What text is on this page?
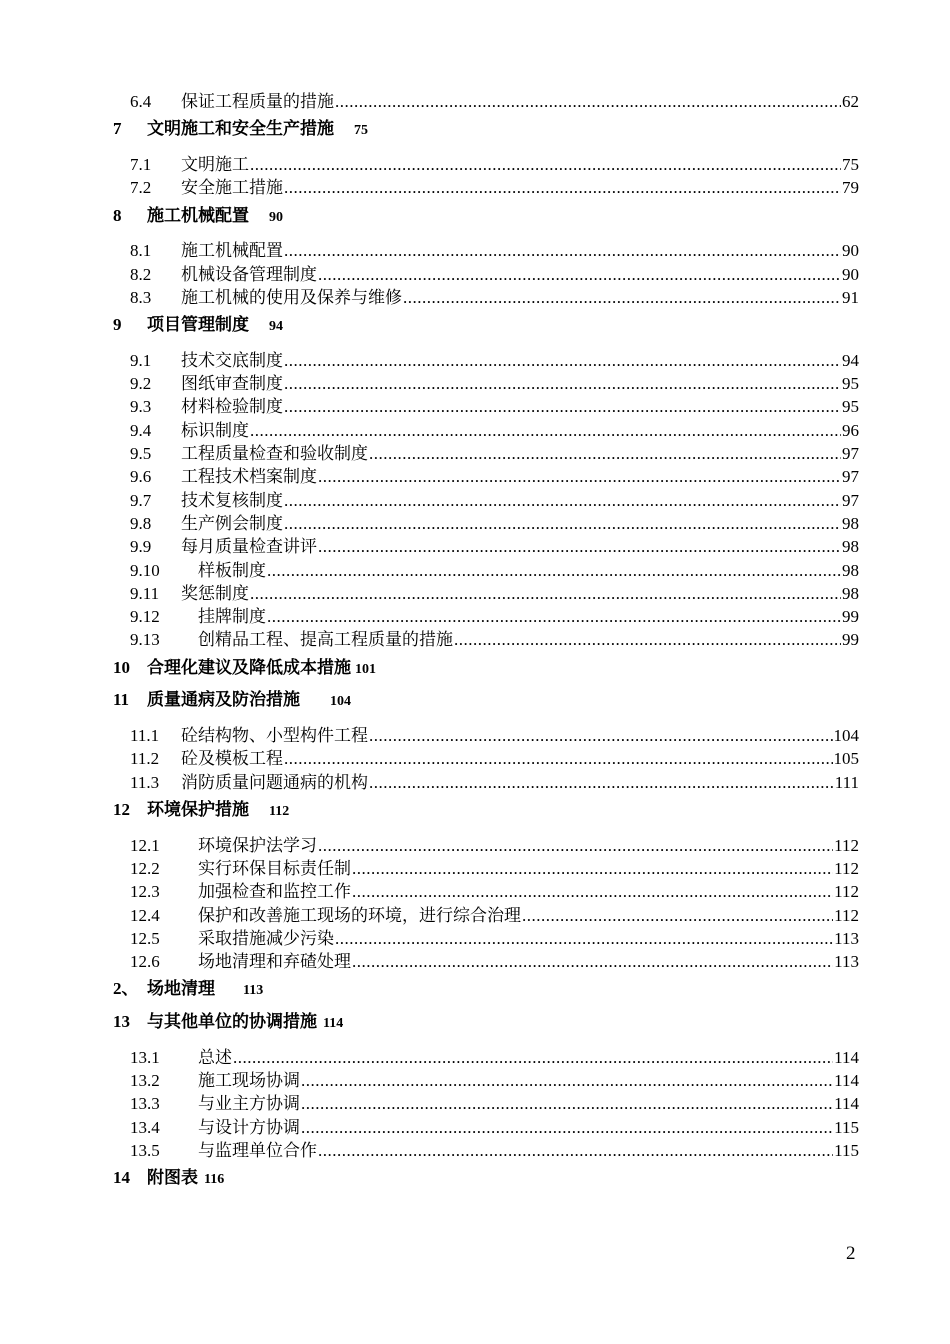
6.4	保证工程质量的措施 .....	62
7	文明施工和安全生产措施 75
7.1	文明施工 .....	75
7.2	安全施工措施 .....	79
8	施工机械配置 90
8.1	施工机械配置 .....	90
8.2	机械设备管理制度 .....	90
8.3	施工机械的使用及保养与维修 .....	91
9	项目管理制度 94
9.1	技术交底制度 .....	94
9.2	图纸审查制度 .....	95
9.3	材料检验制度 .....	95
9.4	标识制度 .....	96
9.5	工程质量检查和验收制度 .....	97
9.6	工程技术档案制度 .....	97
9.7	技术复核制度 .....	97
9.8	生产例会制度 .....	98
9.9	每月质量检查讲评 .....	98
9.10	样板制度 .....	98
9.11	奖惩制度 .....	98
9.12	挂牌制度 .....	99
9.13	创精品工程、提高工程质量的措施 .....	99
10	合理化建议及降低成本措施 101
11	质量通病及防治措施 104
11.1	砼结构物、小型构件工程 .....	104
11.2	砼及模板工程 .....	105
11.3	消防质量问题通病的机构 .....	111
12	环境保护措施 112
12.1	环境保护法学习 .....	112
12.2	实行环保目标责任制 .....	112
12.3	加强检查和监控工作 .....	112
12.4	保护和改善施工现场的环境，进行综合治理 .....	112
12.5	采取措施减少污染 .....	113
12.6	场地清理和弃碴处理 .....	113
2、 场地清理 113
13	与其他单位的协调措施 114
13.1	总述 .....	114
13.2	施工现场协调 .....	114
13.3	与业主方协调 .....	114
13.4	与设计方协调 .....	115
13.5	与监理单位合作 .....	115
14	附图表 116
2
